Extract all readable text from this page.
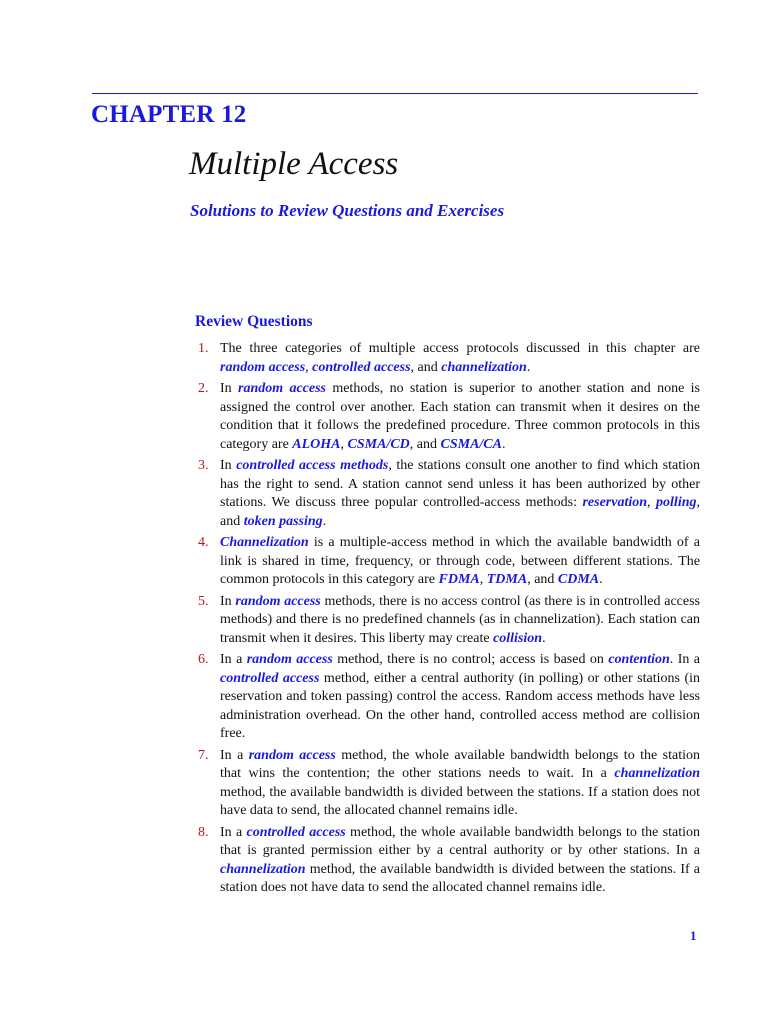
CHAPTER 12
Multiple Access
Solutions to Review Questions and Exercises
Review Questions
1. The three categories of multiple access protocols discussed in this chapter are random access, controlled access, and channelization.
2. In random access methods, no station is superior to another station and none is assigned the control over another. Each station can transmit when it desires on the condition that it follows the predefined procedure. Three common protocols in this category are ALOHA, CSMA/CD, and CSMA/CA.
3. In controlled access methods, the stations consult one another to find which station has the right to send. A station cannot send unless it has been authorized by other stations. We discuss three popular controlled-access methods: reservation, polling, and token passing.
4. Channelization is a multiple-access method in which the available bandwidth of a link is shared in time, frequency, or through code, between different stations. The common protocols in this category are FDMA, TDMA, and CDMA.
5. In random access methods, there is no access control (as there is in controlled access methods) and there is no predefined channels (as in channelization). Each station can transmit when it desires. This liberty may create collision.
6. In a random access method, there is no control; access is based on contention. In a controlled access method, either a central authority (in polling) or other stations (in reservation and token passing) control the access. Random access methods have less administration overhead. On the other hand, controlled access method are collision free.
7. In a random access method, the whole available bandwidth belongs to the station that wins the contention; the other stations needs to wait. In a channelization method, the available bandwidth is divided between the stations. If a station does not have data to send, the allocated channel remains idle.
8. In a controlled access method, the whole available bandwidth belongs to the station that is granted permission either by a central authority or by other stations. In a channelization method, the available bandwidth is divided between the stations. If a station does not have data to send the allocated channel remains idle.
1
